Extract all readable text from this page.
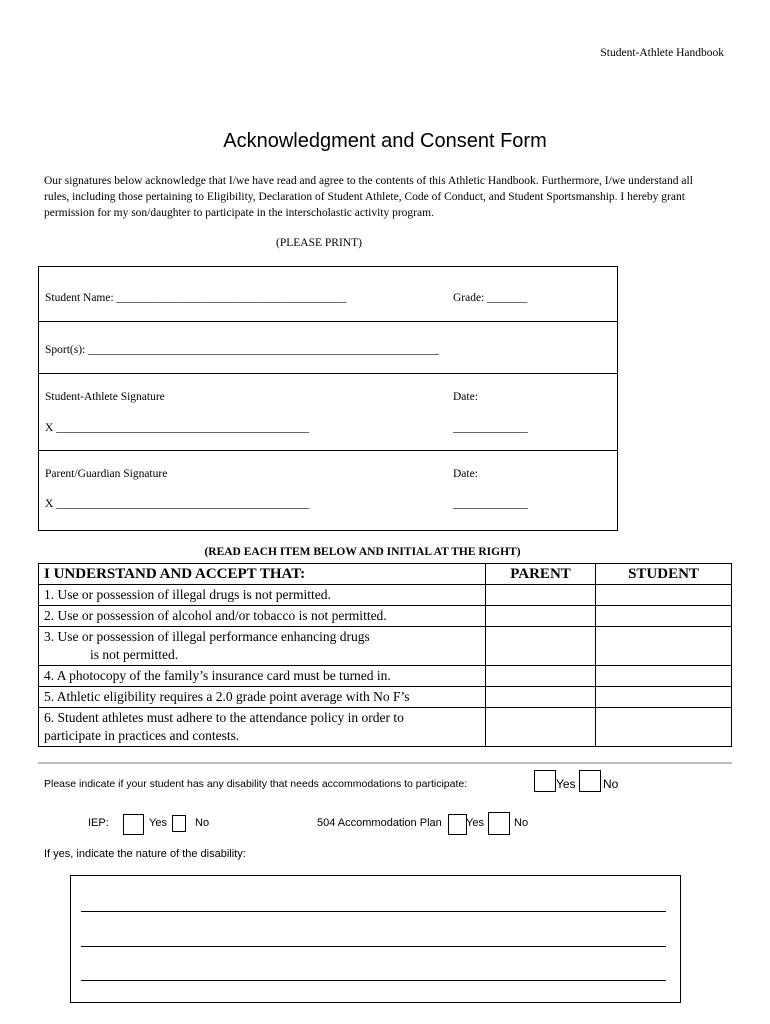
Student-Athlete Handbook
Acknowledgment and Consent Form
Our signatures below acknowledge that I/we have read and agree to the contents of this Athletic Handbook. Furthermore, I/we understand all rules, including those pertaining to Eligibility, Declaration of Student Athlete, Code of Conduct, and Student Sportsmanship. I hereby grant permission for my son/daughter to participate in the interscholastic activity program.
(PLEASE PRINT)
Student Name: ________________________________________	Grade: _______
Sport(s): _____________________________________________________________
Student-Athlete Signature	Date:
X ____________________________________________	_____________
Parent/Guardian Signature	Date:
X ____________________________________________	_____________
(READ EACH ITEM BELOW AND INITIAL AT THE RIGHT)
I UNDERSTAND AND ACCEPT THAT:	PARENT	STUDENT
1. Use or possession of illegal drugs is not permitted.		
2. Use or possession of alcohol and/or tobacco is not permitted.		

3. Use or possession of illegal performance enhancing drugs
is not permitted.		

4. A photocopy of the family’s insurance card must be turned in.		
5. Athletic eligibility requires a 2.0 grade point average with No F’s		

6. Student athletes must adhere to the attendance policy in order to
participate in practices and contests.		

Please indicate if your student has any disability that needs accommodations to participate:	Yes No
IEP:	Yes	No	504 Accommodation Plan Yes	No
If yes, indicate the nature of the disability:
